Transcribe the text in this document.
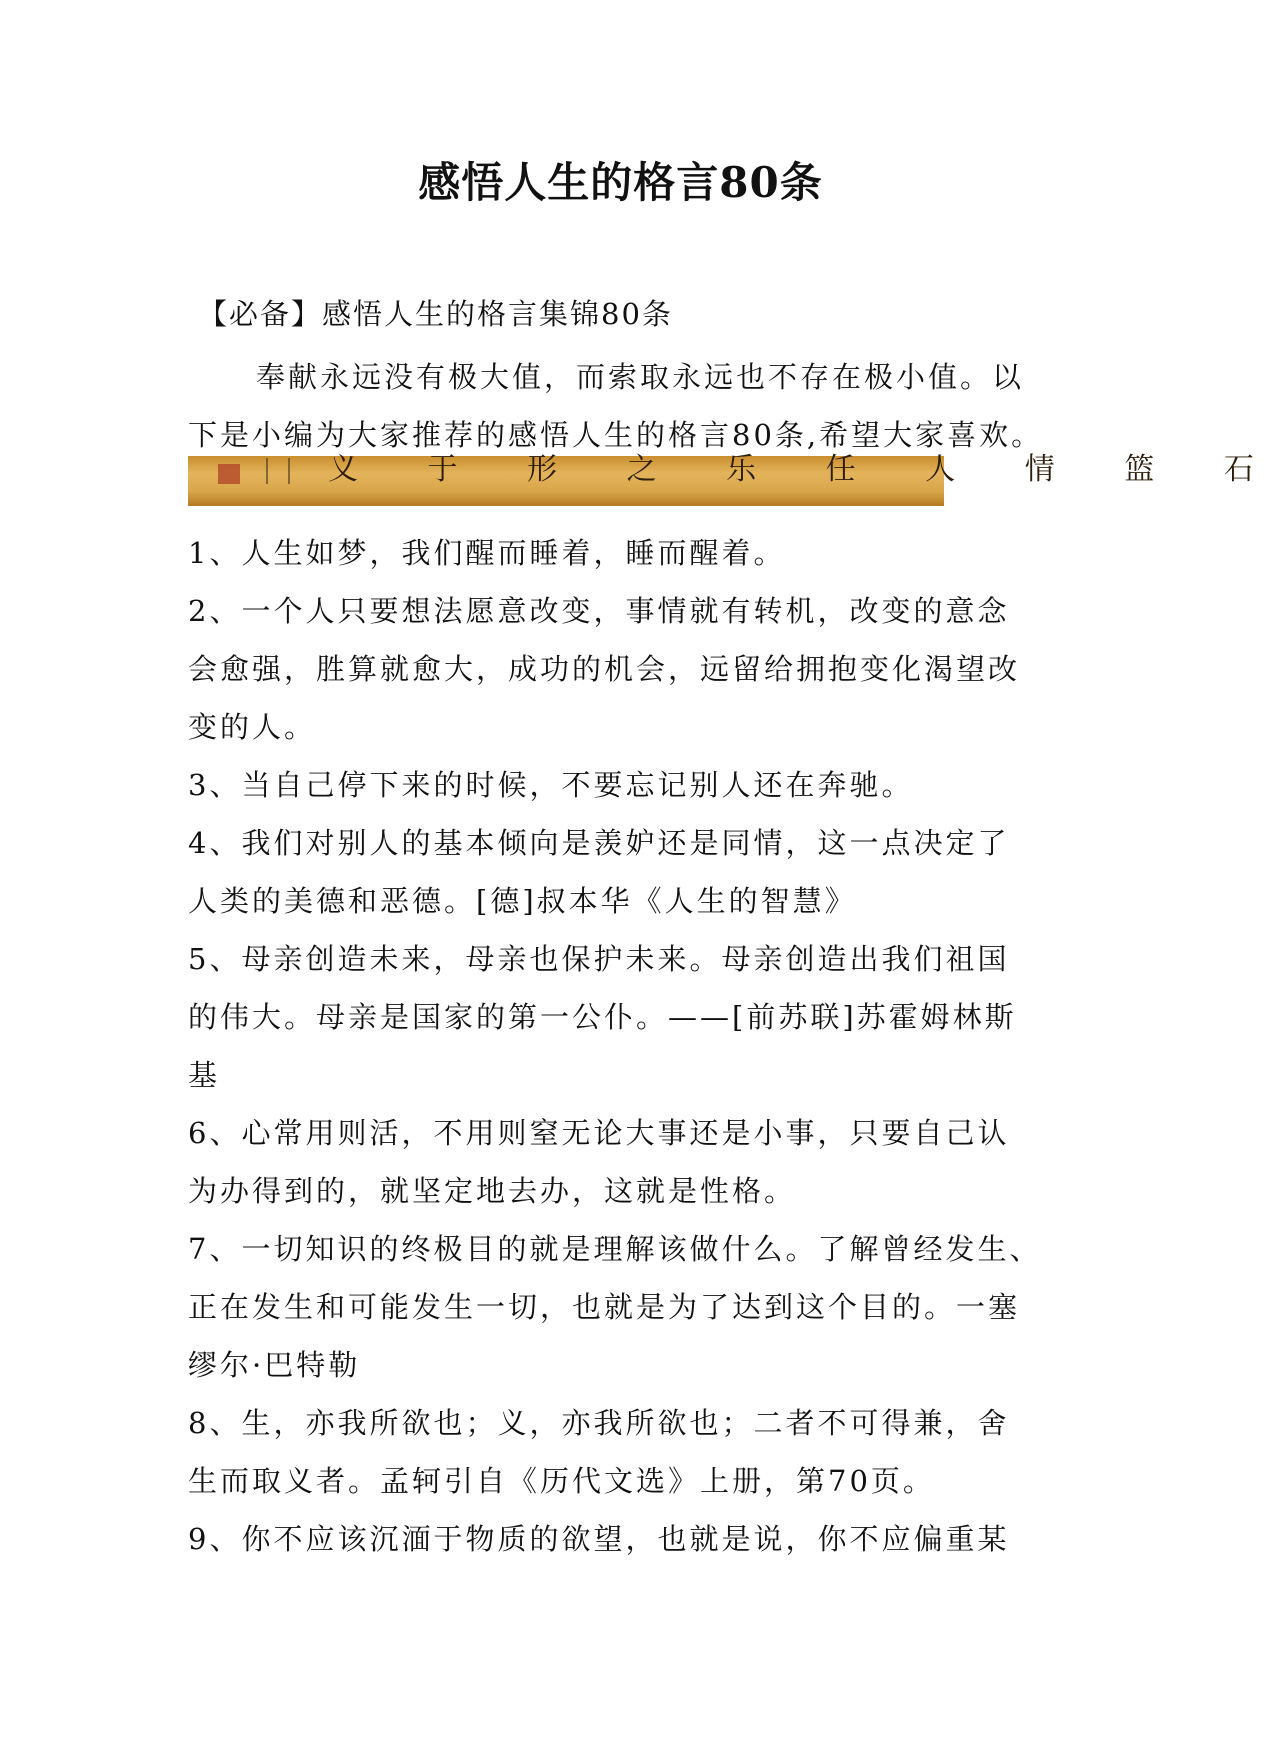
感悟人生的格言80条
【必备】感悟人生的格言集锦80条

奉献永远没有极大值，而索取永远也不存在极小值。以

下是小编为大家推荐的感悟人生的格言80条,希望大家喜欢。

义 于 形 之 乐 任 人 情 篮 石

1、人生如梦，我们醒而睡着，睡而醒着。

2、一个人只要想法愿意改变，事情就有转机，改变的意念

会愈强，胜算就愈大，成功的机会，远留给拥抱变化渴望改

变的人。

3、当自己停下来的时候，不要忘记别人还在奔驰。

4、我们对别人的基本倾向是羡妒还是同情，这一点决定了

人类的美德和恶德。[德]叔本华《人生的智慧》

5、母亲创造未来，母亲也保护未来。母亲创造出我们祖国

的伟大。母亲是国家的第一公仆。——[前苏联]苏霍姆林斯

基

6、心常用则活，不用则窒无论大事还是小事，只要自己认

为办得到的，就坚定地去办，这就是性格。

7、一切知识的终极目的就是理解该做什么。了解曾经发生、

正在发生和可能发生一切，也就是为了达到这个目的。一塞

缪尔·巴特勒

8、生，亦我所欲也；义，亦我所欲也；二者不可得兼，舍

生而取义者。孟轲引自《历代文选》上册，第70页。

9、你不应该沉湎于物质的欲望，也就是说，你不应偏重某
